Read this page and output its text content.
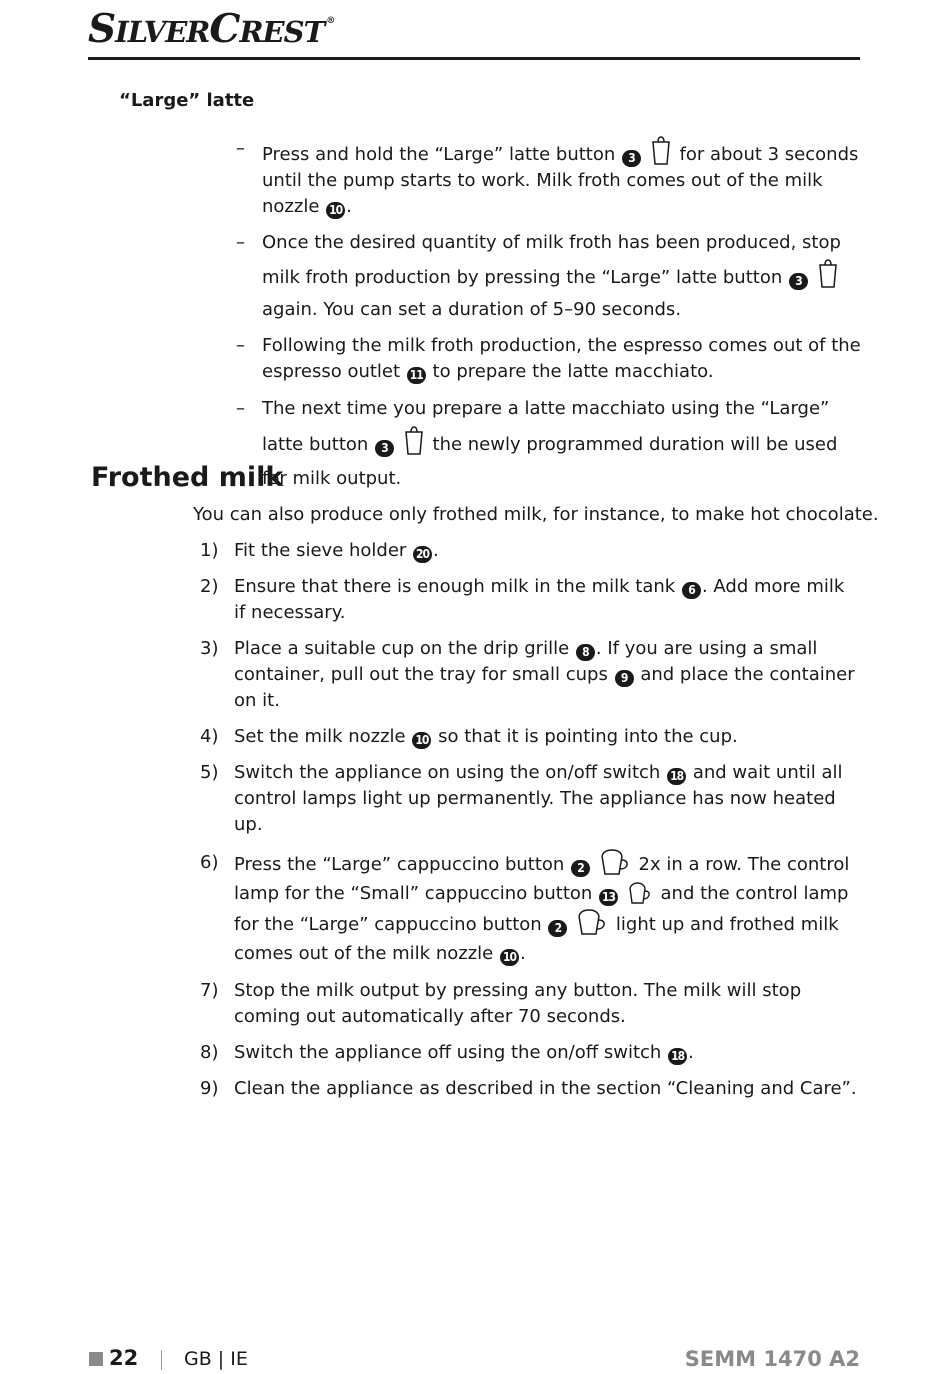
SILVERCREST ®
“Large” latte
– Press and hold the “Large” latte button 3 for about 3 seconds until the pump starts to work. Milk froth comes out of the milk nozzle 10 .
– Once the desired quantity of milk froth has been produced, stop milk froth production by pressing the “Large” latte button 3  again. You can set a duration of 5–90 seconds.
– Following the milk froth production, the espresso comes out of the espresso outlet 11 to prepare the latte macchiato.
– The next time you prepare a latte macchiato using the “Large” latte button 3 the newly programmed duration will be used for milk output.
Frothed milk
You can also produce only frothed milk, for instance, to make hot chocolate.
1) Fit the sieve holder 20 .
2) Ensure that there is enough milk in the milk tank 6 . Add more milk if necessary.
3) Place a suitable cup on the drip grille 8 . If you are using a small container, pull out the tray for small cups 9 and place the container on it.
4) Set the milk nozzle 10 so that it is pointing into the cup.
5) Switch the appliance on using the on/off switch 18 and wait until all control lamps light up permanently. The appliance has now heated up.
6) Press the “Large” cappuccino button 2	2x in a row. The control lamp for the “Small” cappuccino button 13	and the control lamp for the “Large” cappuccino button 2	light up and frothed milk comes out of the milk nozzle 10 .
7) Stop the milk output by pressing any button. The milk will stop coming out automatically after 70 seconds.
8) Switch the appliance off using the on/off switch 18 .
9) Clean the appliance as described in the section “Cleaning and Care”.
22 GB | IE	SEMM 1470 A2
